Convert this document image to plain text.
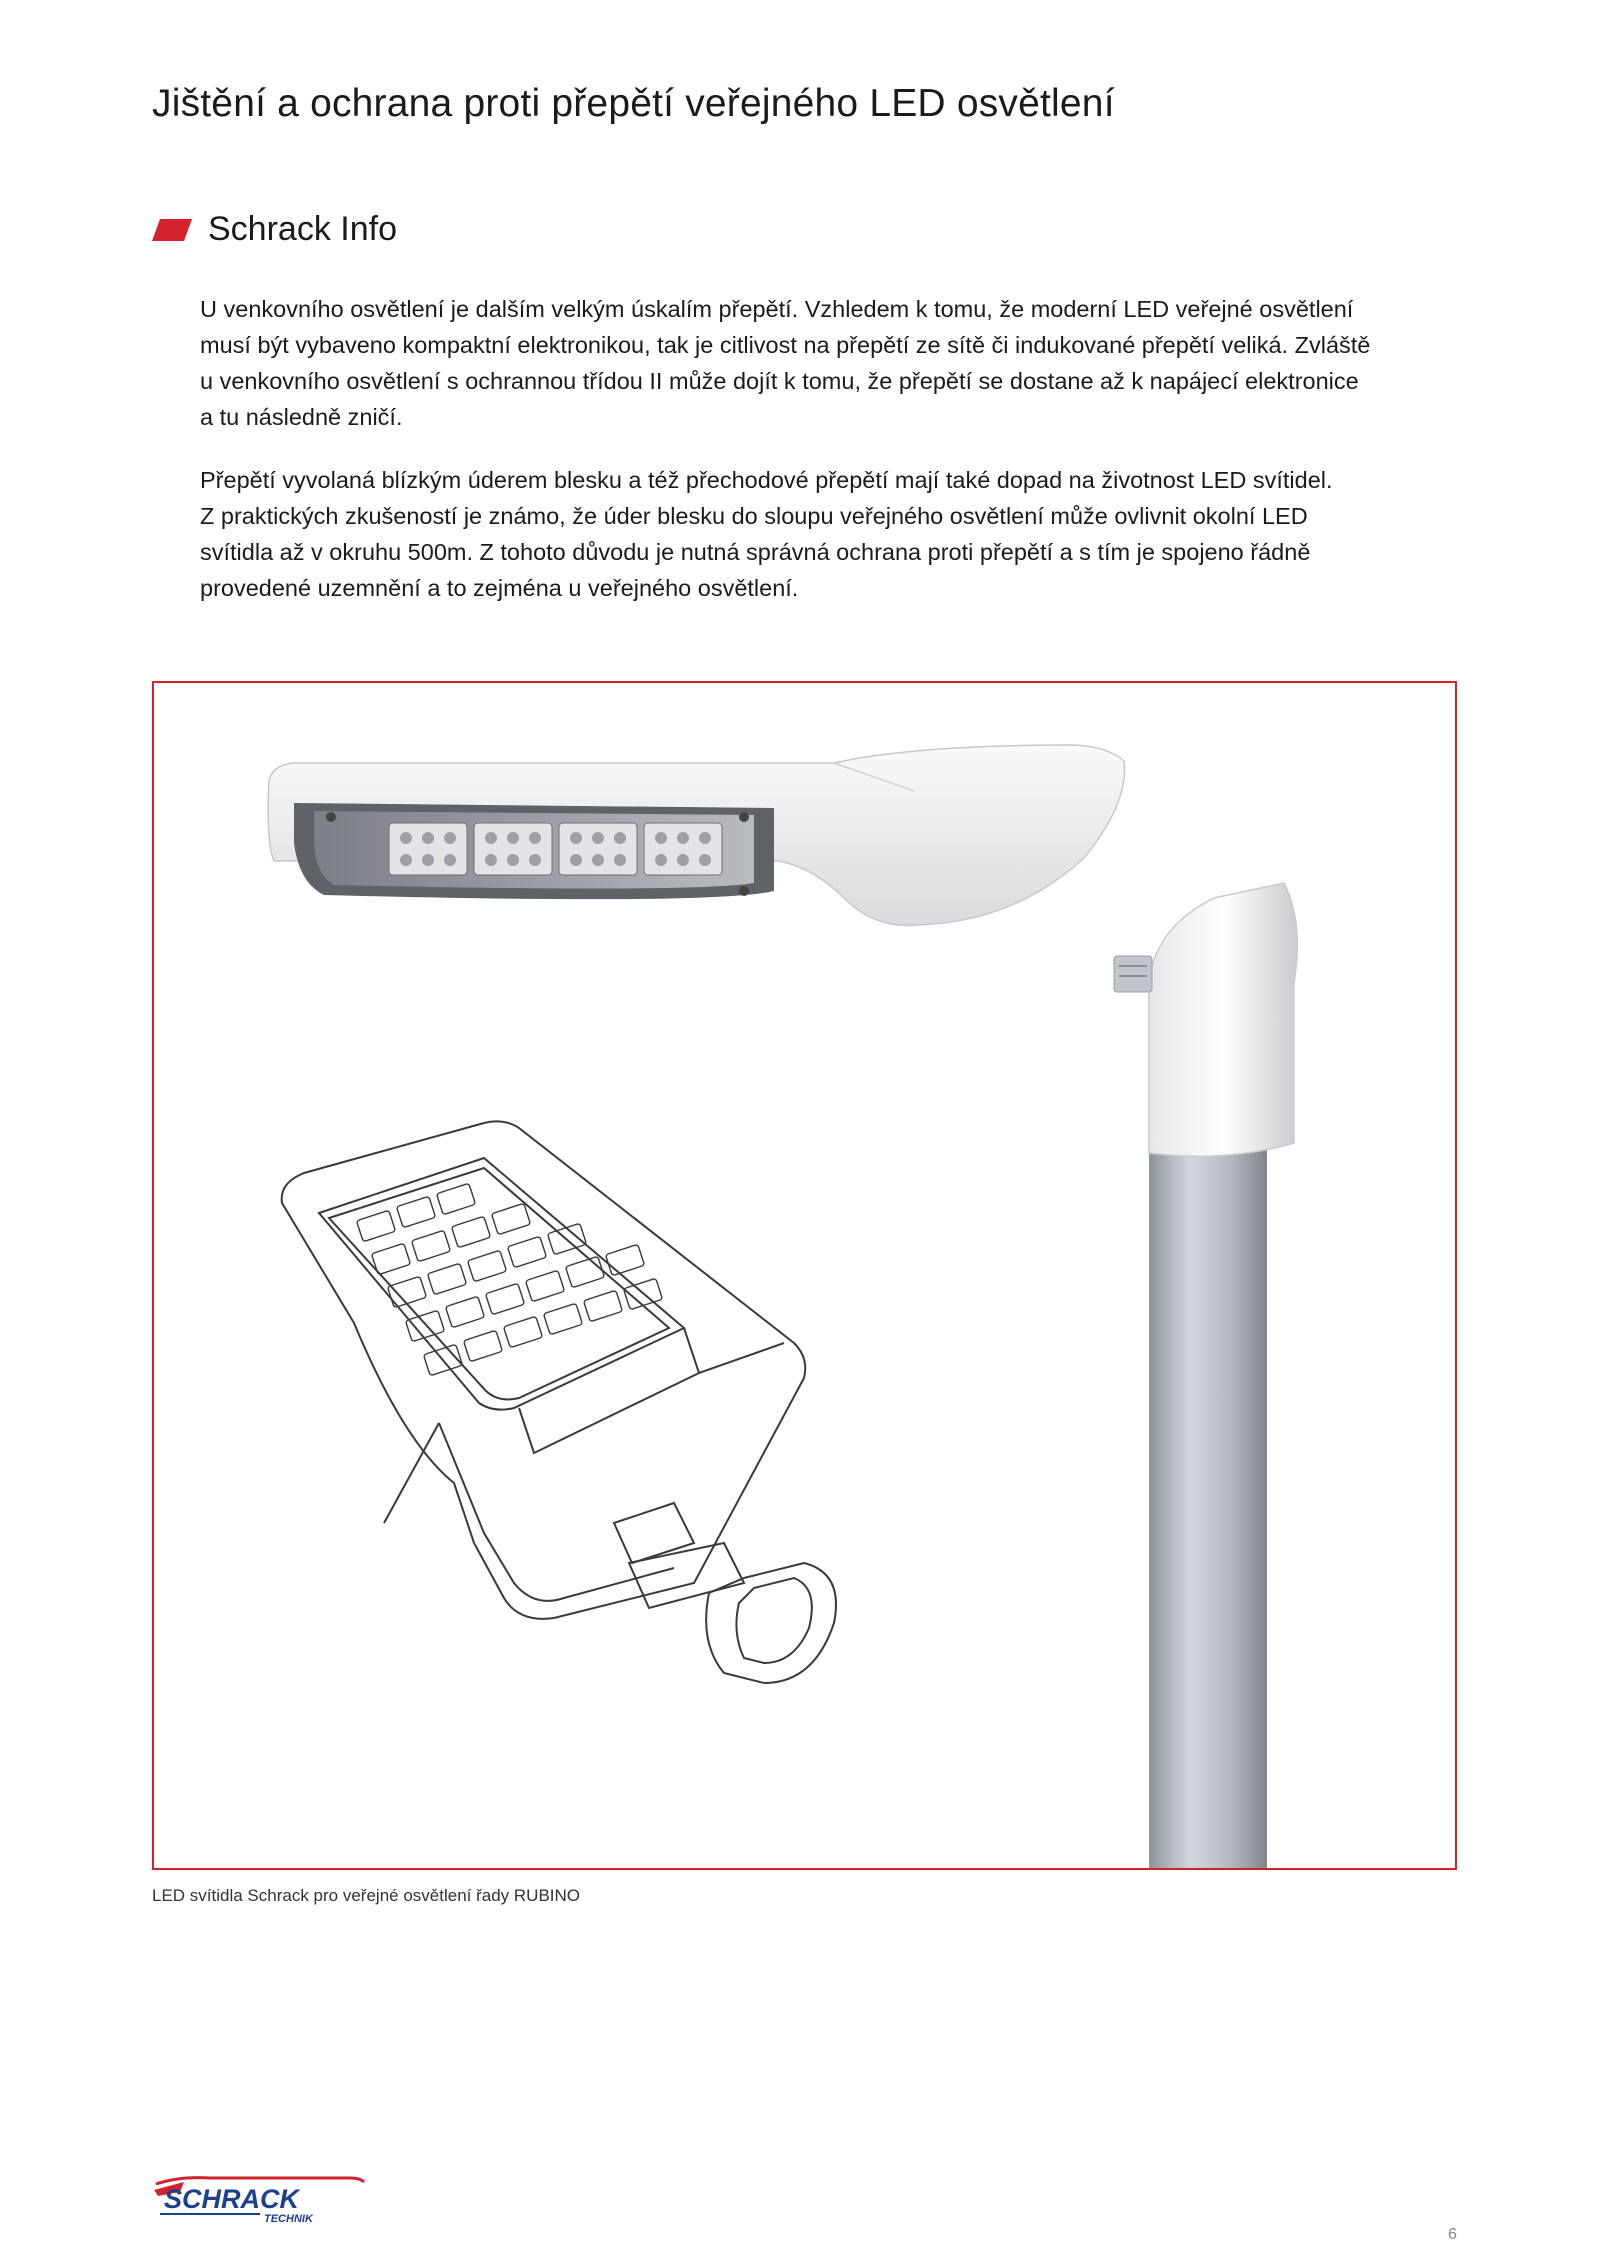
Jištění a ochrana proti přepětí veřejného LED osvětlení
Schrack Info
U venkovního osvětlení je dalším velkým úskalím přepětí. Vzhledem k tomu, že moderní LED veřejné osvětlení
musí být vybaveno kompaktní elektronikou, tak je citlivost na přepětí ze sítě či indukované přepětí veliká. Zvláště
u venkovního osvětlení s ochrannou třídou II může dojít k tomu, že přepětí se dostane až k napájecí elektronice
a tu následně zničí.
Přepětí vyvolaná blízkým úderem blesku a též přechodové přepětí mají také dopad na životnost LED svítidel.
Z praktických zkušeností je známo, že úder blesku do sloupu veřejného osvětlení může ovlivnit okolní LED
svítidla až v okruhu 500m. Z tohoto důvodu je nutná správná ochrana proti přepětí a s tím je spojeno řádně
provedené uzemnění a to zejména u veřejného osvětlení.
LED svítidla Schrack pro veřejné osvětlení řady RUBINO
SCHRACK
TECHNIK
6
